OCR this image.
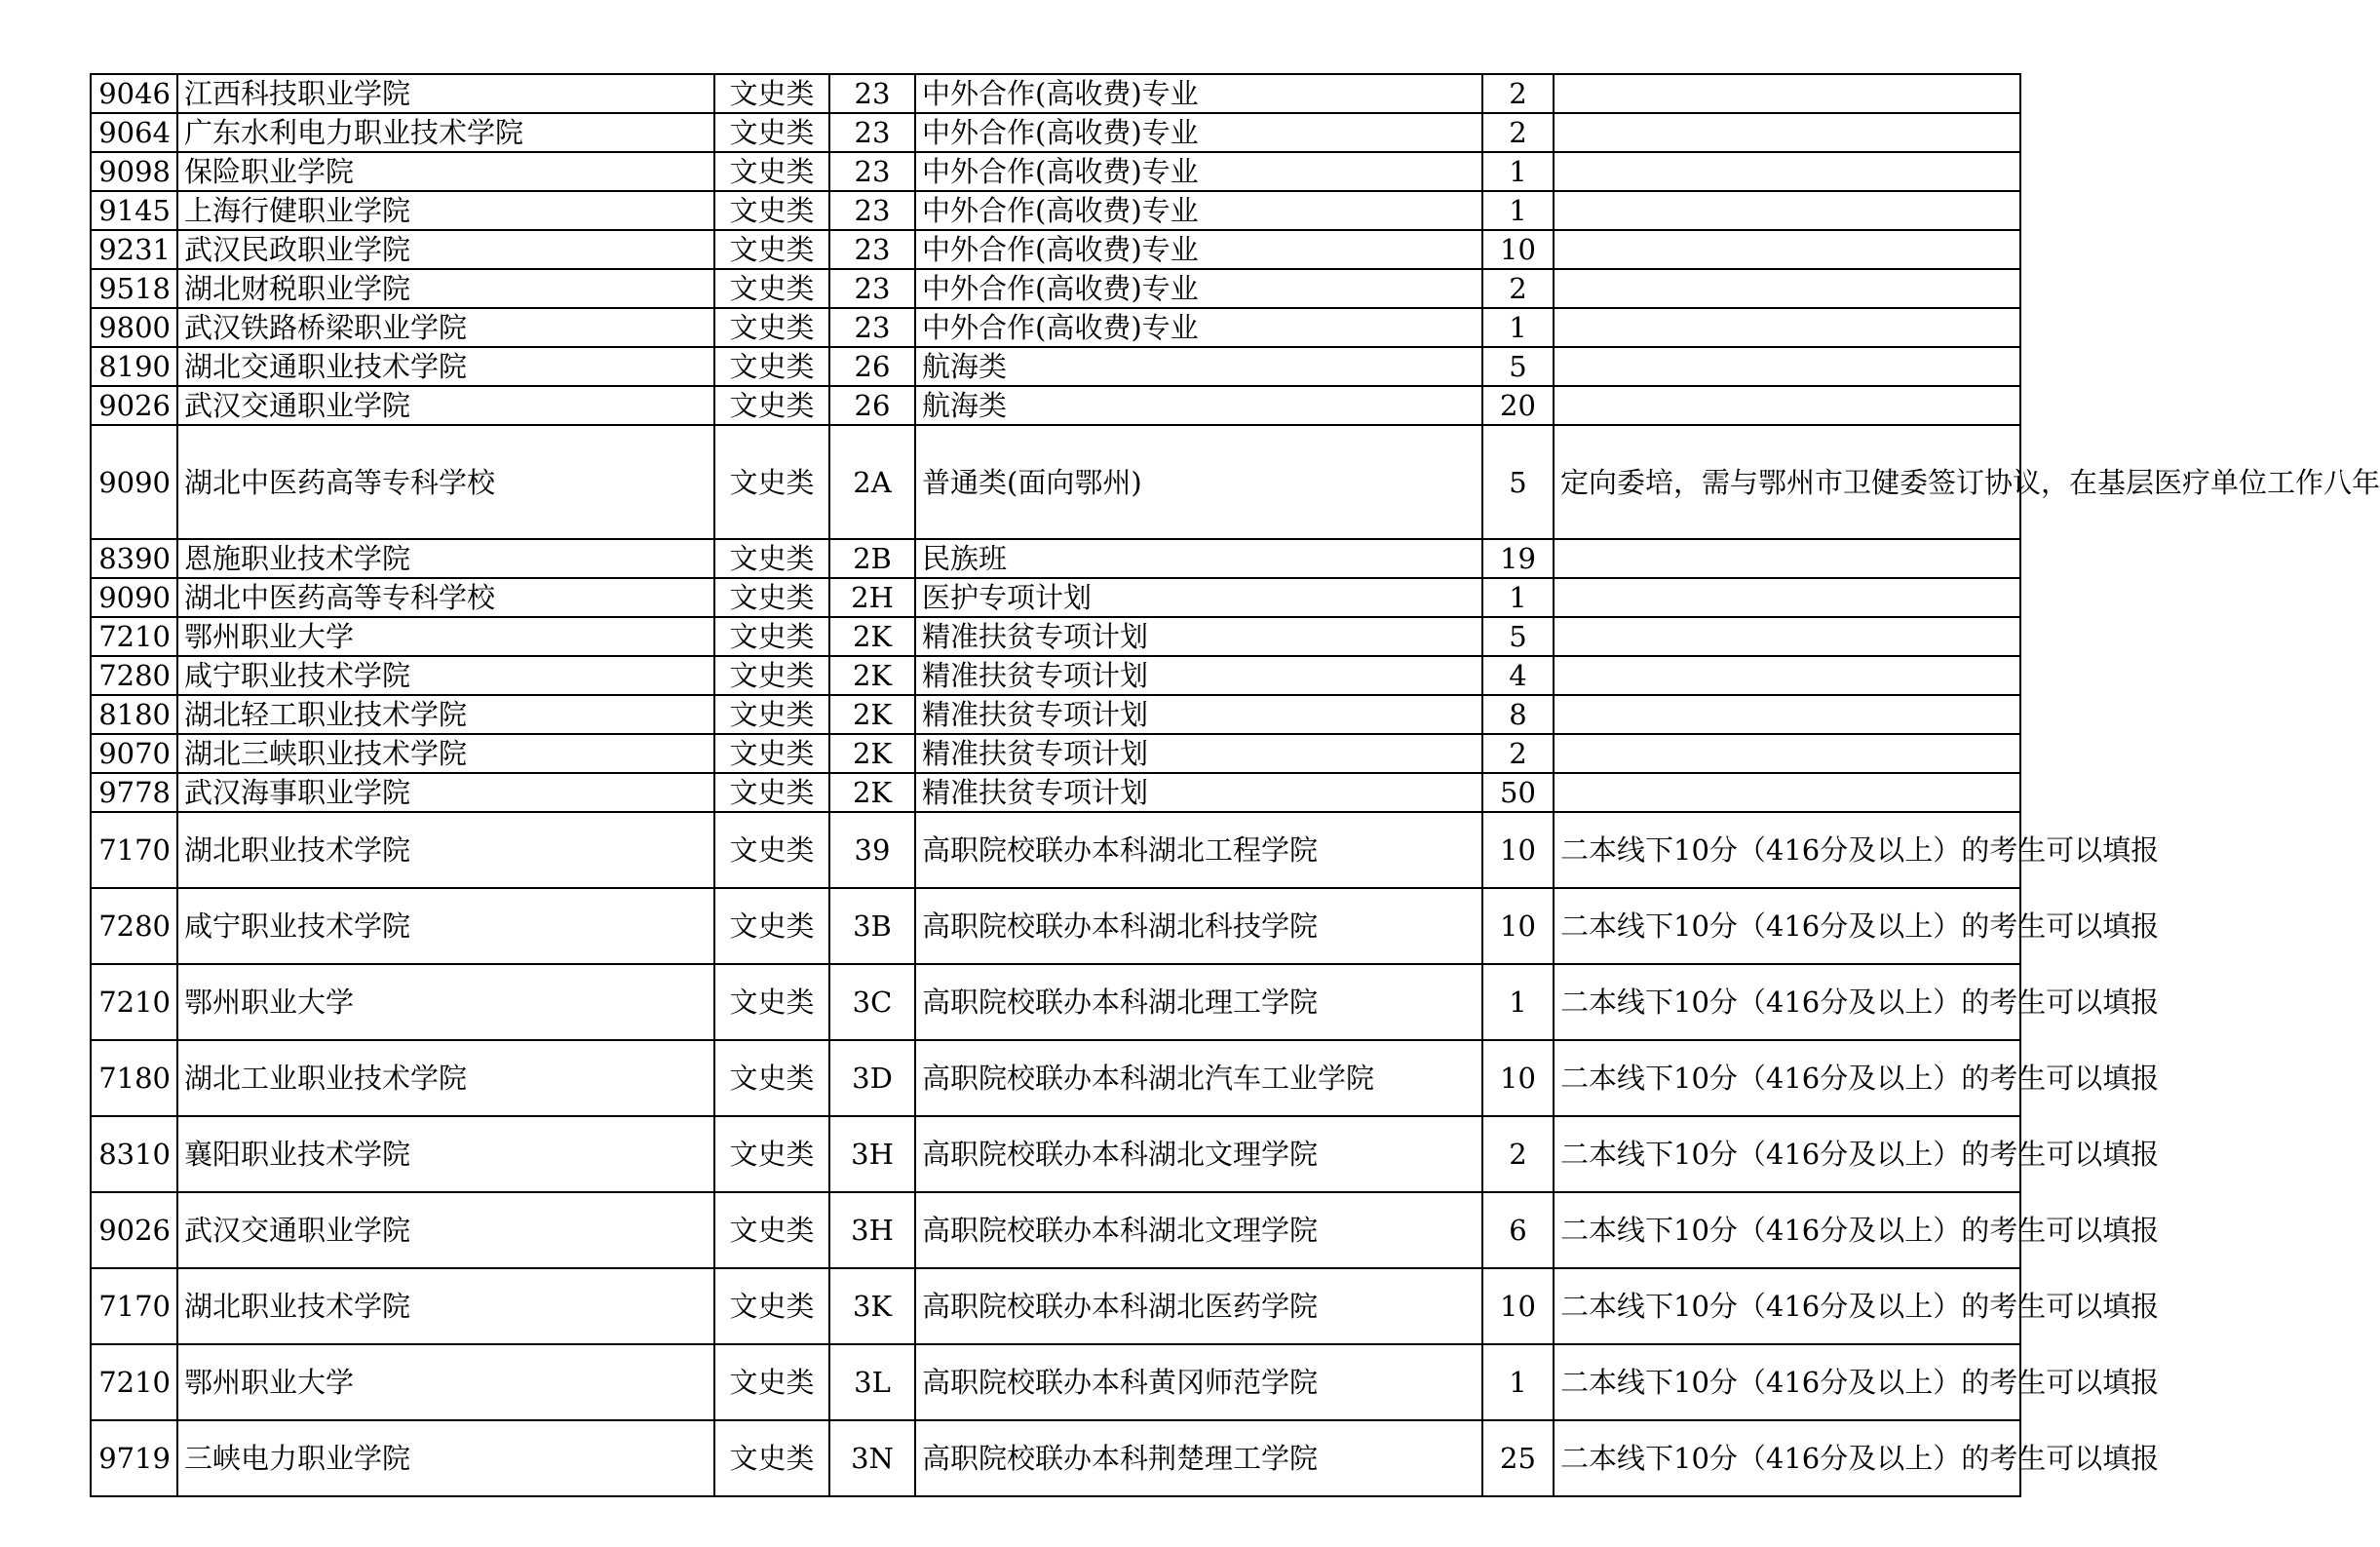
9046	江西科技职业学院	文史类	23	中外合作(高收费)专业	2	
9064	广东水利电力职业技术学院	文史类	23	中外合作(高收费)专业	2	
9098	保险职业学院	文史类	23	中外合作(高收费)专业	1	
9145	上海行健职业学院	文史类	23	中外合作(高收费)专业	1	
9231	武汉民政职业学院	文史类	23	中外合作(高收费)专业	10	
9518	湖北财税职业学院	文史类	23	中外合作(高收费)专业	2	
9800	武汉铁路桥梁职业学院	文史类	23	中外合作(高收费)专业	1	
8190	湖北交通职业技术学院	文史类	26	航海类	5	
9026	武汉交通职业学院	文史类	26	航海类	20	
9090	湖北中医药高等专科学校	文史类	2A	普通类(面向鄂州)	5	定向委培，需与鄂州市卫健委签订协议，在基层医疗单位工作八年
8390	恩施职业技术学院	文史类	2B	民族班	19	
9090	湖北中医药高等专科学校	文史类	2H	医护专项计划	1	
7210	鄂州职业大学	文史类	2K	精准扶贫专项计划	5	
7280	咸宁职业技术学院	文史类	2K	精准扶贫专项计划	4	
8180	湖北轻工职业技术学院	文史类	2K	精准扶贫专项计划	8	
9070	湖北三峡职业技术学院	文史类	2K	精准扶贫专项计划	2	
9778	武汉海事职业学院	文史类	2K	精准扶贫专项计划	50	
7170	湖北职业技术学院	文史类	39	高职院校联办本科湖北工程学院	10	二本线下10分（416分及以上）的考生可以填报
7280	咸宁职业技术学院	文史类	3B	高职院校联办本科湖北科技学院	10	二本线下10分（416分及以上）的考生可以填报
7210	鄂州职业大学	文史类	3C	高职院校联办本科湖北理工学院	1	二本线下10分（416分及以上）的考生可以填报
7180	湖北工业职业技术学院	文史类	3D	高职院校联办本科湖北汽车工业学院	10	二本线下10分（416分及以上）的考生可以填报
8310	襄阳职业技术学院	文史类	3H	高职院校联办本科湖北文理学院	2	二本线下10分（416分及以上）的考生可以填报
9026	武汉交通职业学院	文史类	3H	高职院校联办本科湖北文理学院	6	二本线下10分（416分及以上）的考生可以填报
7170	湖北职业技术学院	文史类	3K	高职院校联办本科湖北医药学院	10	二本线下10分（416分及以上）的考生可以填报
7210	鄂州职业大学	文史类	3L	高职院校联办本科黄冈师范学院	1	二本线下10分（416分及以上）的考生可以填报
9719	三峡电力职业学院	文史类	3N	高职院校联办本科荆楚理工学院	25	二本线下10分（416分及以上）的考生可以填报
